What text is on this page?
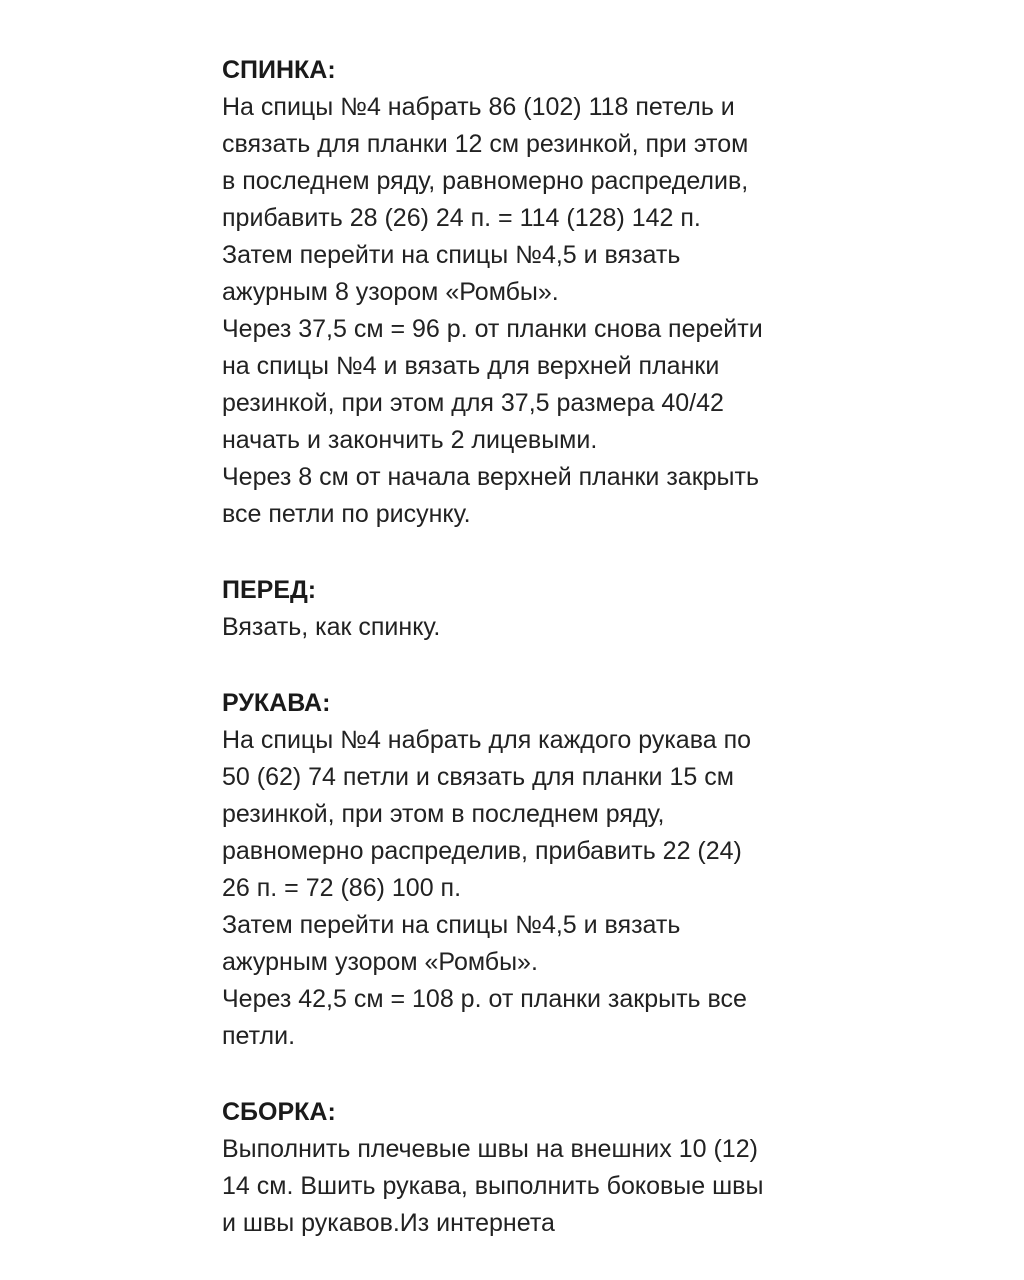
СПИНКА:

На спицы №4 набрать 86 (102) 118 петель и

связать для планки 12 см резинкой, при этом

в последнем ряду, равномерно распределив,

прибавить 28 (26) 24 п. = 114 (128) 142 п.

Затем перейти на спицы №4,5 и вязать

ажурным 8 узором «Ромбы».

Через 37,5 см = 96 р. от планки снова перейти

на спицы №4 и вязать для верхней планки

резинкой, при этом для 37,5 размера 40/42

начать и закончить 2 лицевыми.

Через 8 см от начала верхней планки закрыть

все петли по рисунку.

ПЕРЕД:

Вязать, как спинку.

РУКАВА:

На спицы №4 набрать для каждого рукава по

50 (62) 74 петли и связать для планки 15 см

резинкой, при этом в последнем ряду,

равномерно распределив, прибавить 22 (24)

26 п. = 72 (86) 100 п.

Затем перейти на спицы №4,5 и вязать

ажурным узором «Ромбы».

Через 42,5 см = 108 р. от планки закрыть все

петли.

СБОРКА:

Выполнить плечевые швы на внешних 10 (12)

14 см. Вшить рукава, выполнить боковые швы

и швы рукавов.Из интернета
